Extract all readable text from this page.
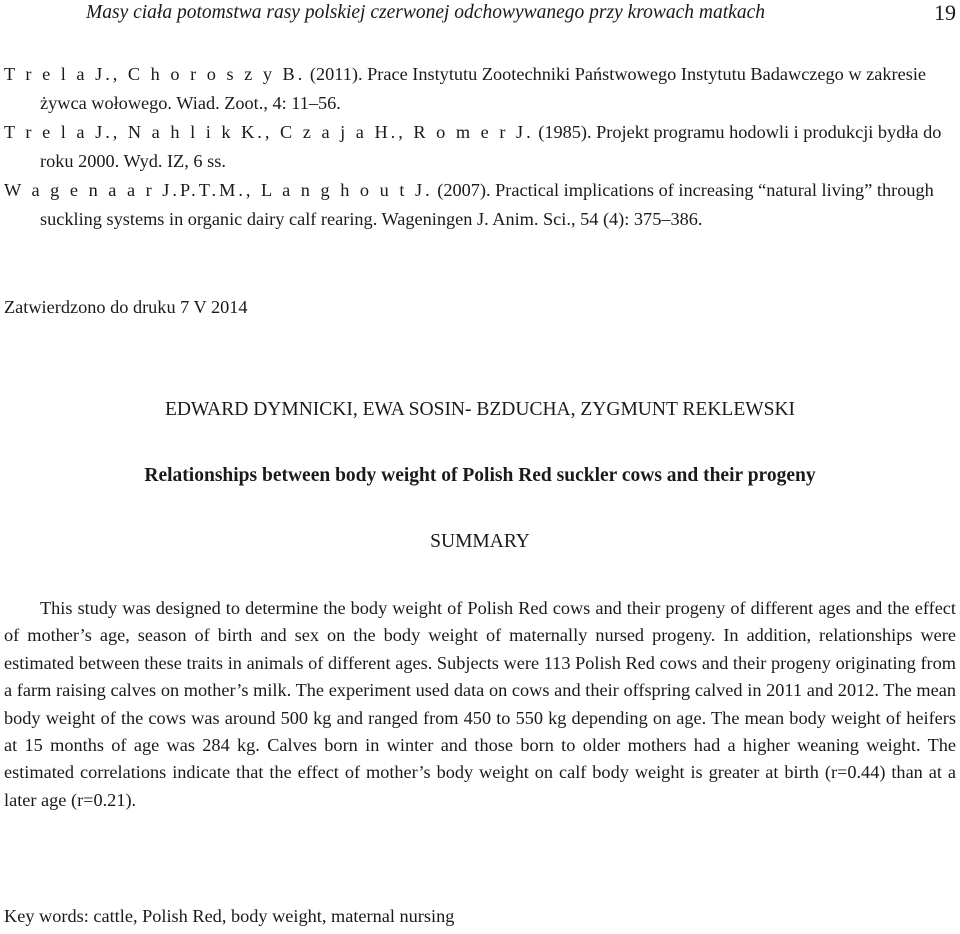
Masy ciała potomstwa rasy polskiej czerwonej odchowywanego przy krowach matkach	19
T r e l a J., C h o r o s z y B. (2011). Prace Instytutu Zootechniki Państwowego Instytutu Badawczego w zakresie żywca wołowego. Wiad. Zoot., 4: 11–56.
T r e l a J., N a h l i k K., C z a j a H., R o m e r J. (1985). Projekt programu hodowli i produkcji bydła do roku 2000. Wyd. IZ, 6 ss.
W a g e n a a r J.P.T.M., L a n g h o u t J. (2007). Practical implications of increasing “natural living” through suckling systems in organic dairy calf rearing. Wageningen J. Anim. Sci., 54 (4): 375–386.
Zatwierdzono do druku 7 V 2014
EDWARD DYMNICKI, EWA SOSIN- BZDUCHA, ZYGMUNT REKLEWSKI
Relationships between body weight of Polish Red suckler cows and their progeny
SUMMARY

This study was designed to determine the body weight of Polish Red cows and their progeny of different ages and the effect of mother’s age, season of birth and sex on the body weight of maternally nursed progeny. In addition, relationships were estimated between these traits in animals of different ages. Subjects were 113 Polish Red cows and their progeny originating from a farm raising calves on mother’s milk. The experiment used data on cows and their offspring calved in 2011 and 2012. The mean body weight of the cows was around 500 kg and ranged from 450 to 550 kg depending on age. The mean body weight of heifers at 15 months of age was 284 kg. Calves born in winter and those born to older mothers had a higher weaning weight. The estimated correlations indicate that the effect of mother’s body weight on calf body weight is greater at birth (r=0.44) than at a later age (r=0.21).

Key words: cattle, Polish Red, body weight, maternal nursing
